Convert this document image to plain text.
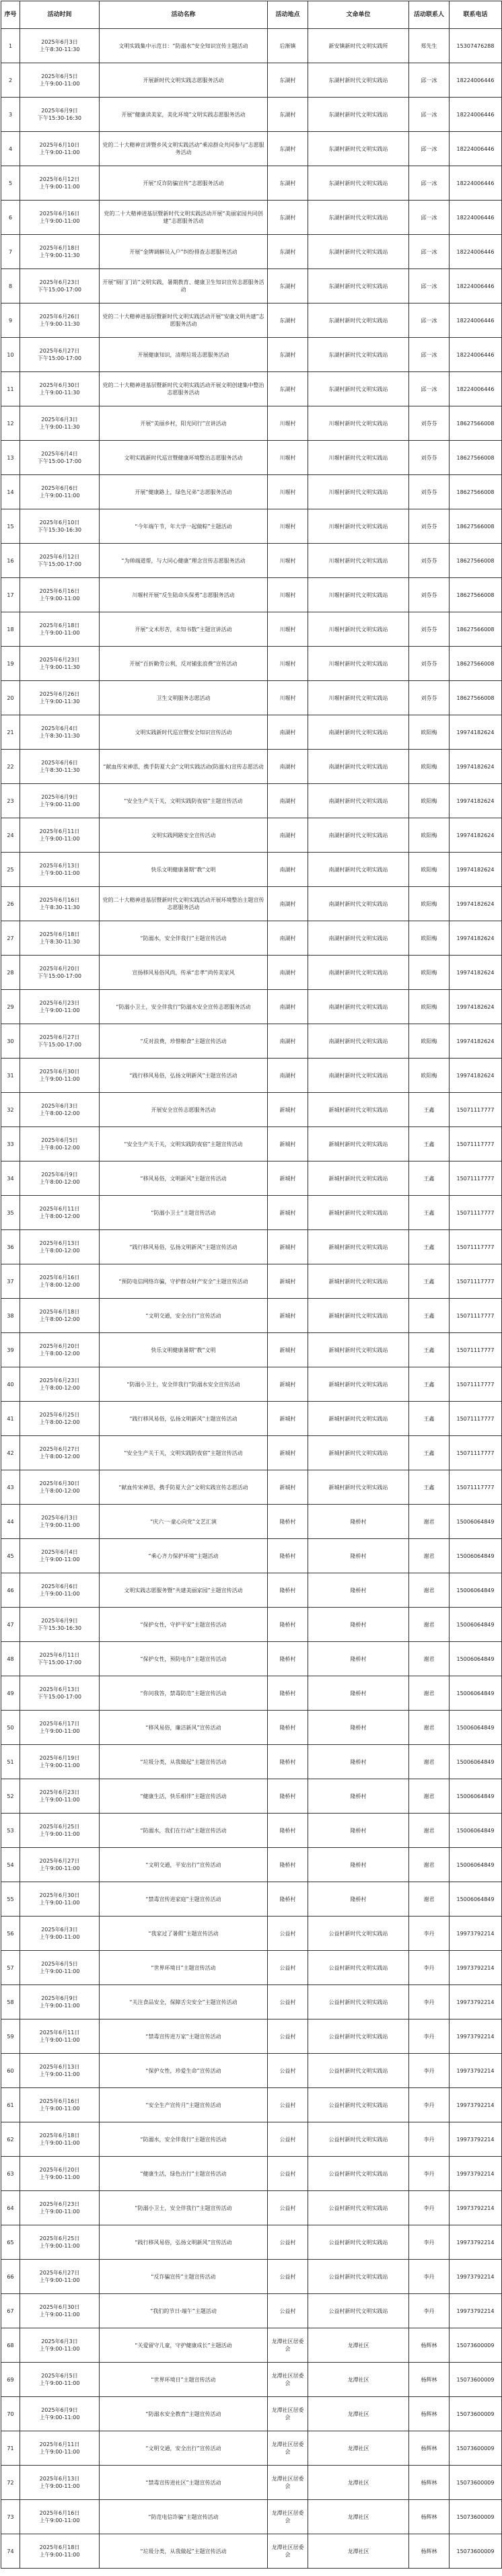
序号	活动时间	活动名称	活动地点	文命单位	活动联系人	联系电话
1	2025年6月3日
上午8:30-11:30	文明实践集中示范日：“防溺水”安全知识宣传主题活动	后渐镇	新安镇新时代文明实践所	郑先生	15307476288
2	2025年6月5日
上午9:00-11:00	开展新时代文明实践志愿服务活动	东湖村	东湖村新时代文明实践站	邱一冰	18224006446
3	2025年6月9日
下午15:30-16:30	开展“健康读美家，美化环境”文明实践志愿服务活动	东湖村	东湖村新时代文明实践站	邱一冰	18224006446
4	2025年6月10日
上午9:00-11:00	党的二十大精神宣讲暨乡风文明实践活动“乘凉群众共同参与”志愿服务活动	东湖村	东湖村新时代文明实践站	邱一冰	18224006446
5	2025年6月12日
上午9:00-11:00	开展“反诈防骗宣传”志愿服务活动	东湖村	东湖村新时代文明实践站	邱一冰	18224006446
6	2025年6月16日
上午9:00-11:00	党的二十大精神进基层暨新时代文明实践活动开展“美丽家园共同创建”志愿服务活动	东湖村	东湖村新时代文明实践站	邱一冰	18224006446
7	2025年6月18日
上午9:00-11:30	开展“金牌调解员入户”纠纷排查志愿服务活动	东湖村	东湖村新时代文明实践站	邱一冰	18224006446
8	2025年6月23日
下午15:00-17:00	开展“厕门门访”文明实践，暑期教育、健康卫生知识宣传志愿服务活动	东湖村	东湖村新时代文明实践站	邱一冰	18224006446
9	2025年6月26日
上午9:00-11:30	党的二十大精神进基层暨新时代文明实践活动开展“安康文明共建”志愿服务活动	东湖村	东湖村新时代文明实践站	邱一冰	18224006446
10	2025年6月27日
下午15:00-17:00	开展健康知识，清理垃圾志愿服务活动	东湖村	东湖村新时代文明实践站	邱一冰	18224006446
11	2025年6月30日
上午9:00-11:30	党的二十大精神进基层暨新时代文明实践活动开展文明创建集中整治志愿服务活动	东湖村	东湖村新时代文明实践站	邱一冰	18224006446
12	2025年6月3日
上午9:00-11:30	开展“美丽乡村，阳光同行”宣讲活动	川堰村	川堰村新时代文明实践站	刘芬芬	18627566008
13	2025年6月4日
下午15:00-17:00	文明实践新时代巡宣暨健康环境整治志愿服务活动	川堰村	川堰村新时代文明实践站	刘芬芬	18627566008
14	2025年6月6日
上午9:00-11:00	开展“健康路上，绿色兄弟”志愿服务活动	川堰村	川堰村新时代文明实践站	刘芬芬	18627566008
15	2025年6月10日
下午15:30-16:30	“今年端午节，年大学一起做粽”主题活动	川堰村	川堰村新时代文明实践站	刘芬芬	18627566008
16	2025年6月12日
下午15:00-17:00	“为帅端道帮，与大同心健康”理念宣传志愿服务活动	川堰村	川堰村新时代文明实践站	刘芬芬	18627566008
17	2025年6月16日
上午9:00-11:00	川堰村开展“反生陆命头保勇”志愿服务活动	川堰村	川堰村新时代文明实践站	刘芬芬	18627566008
18	2025年6月18日
上午9:00-11:00	开展“文术形苦，未知书数”主题宣讲活动	川堰村	川堰村新时代文明实践站	刘芬芬	18627566008
19	2025年6月23日
上午9:00-11:30	开展“百折勤劳公利，反对铺张浪费”宣传活动	川堰村	川堰村新时代文明实践站	刘芬芬	18627566008
20	2025年6月26日
上午9:00-11:30	卫生文明服务志愿活动	川堰村	川堰村新时代文明实践站	刘芬芬	18627566008
21	2025年6月4日
上午8:30-11:30	文明实践新时代巡宣暨安全知识宣传活动	南湖村	南湖村新时代文明实践站	欧阳梅	19974182624
22	2025年6月6日
上午8:30-11:30	“献血传宋神思，携手防夏大会”文明实践活动(防溺水)宣传志愿活动	南湖村	南湖村新时代文明实践站	欧阳梅	19974182624
23	2025年6月9日
上午9:00-11:00	“安全生产关于关，文明实践防夜宿”主题宣传活动	南湖村	南湖村新时代文明实践站	欧阳梅	19974182624
24	2025年6月11日
上午9:00-11:00	文明实践网路安全宣传活动	南湖村	南湖村新时代文明实践站	欧阳梅	19974182624
25	2025年6月13日
上午9:00-11:00	快乐文明健康暑期“教”文明	南湖村	南湖村新时代文明实践站	欧阳梅	19974182624
26	2025年6月16日
上午8:30-11:30	党的二十大精神进基层暨新时代文明实践活动开展环境整治主题宣传志愿服务活动	南湖村	南湖村新时代文明实践站	欧阳梅	19974182624
27	2025年6月18日
上午8:30-11:30	“防溺水，安全伴我行”主题宣传活动	南湖村	南湖村新时代文明实践站	欧阳梅	19974182624
28	2025年6月20日
下午15:00-17:00	宣扬移风易俗风尚，传承“忠孝”尚传美家风	南湖村	南湖村新时代文明实践站	欧阳梅	19974182624
29	2025年6月23日
上午9:00-11:00	“防溺小卫士，安全伴我行”防溺水安全宣传志愿服务活动	南湖村	南湖村新时代文明实践站	欧阳梅	19974182624
30	2025年6月27日
下午15:00-17:00	“反对浪费，珍惜粮食”主题宣传活动	南湖村	南湖村新时代文明实践站	欧阳梅	19974182624
31	2025年6月30日
上午9:00-11:00	“践行移风易俗，弘扬文明新风”主题宣传活动	南湖村	南湖村新时代文明实践站	欧阳梅	19974182624
32	2025年6月3日
上午8:00-12:00	开展安全宣传志愿服务活动	新城村	新城村新时代文明实践站	王鑫	15071117777
33	2025年6月5日
上午8:00-12:00	“安全生产关于关，文明实践防夜宿”主题宣传活动	新城村	新城村新时代文明实践站	王鑫	15071117777
34	2025年6月9日
上午8:00-12:00	“移风易俗，文明新风”主题宣传活动	新城村	新城村新时代文明实践站	王鑫	15071117777
35	2025年6月11日
上午8:00-12:00	“防溺小卫士”主题宣传活动	新城村	新城村新时代文明实践站	王鑫	15071117777
36	2025年6月13日
上午8:00-12:00	“践行移风易俗，弘扬文明新风”主题宣传活动	新城村	新城村新时代文明实践站	王鑫	15071117777
37	2025年6月16日
上午8:00-12:00	“预防电信网络诈骗，守护群众财产安全”主题宣传活动	新城村	新城村新时代文明实践站	王鑫	15071117777
38	2025年6月18日
上午8:00-12:00	“文明交通，安全出行”宣传活动	新城村	新城村新时代文明实践站	王鑫	15071117777
39	2025年6月20日
上午8:00-12:00	快乐文明健康暑期“教”文明	新城村	新城村新时代文明实践站	王鑫	15071117777
40	2025年6月23日
上午8:00-12:00	“防溺小卫士，安全伴我行”防溺水安全宣传活动	新城村	新城村新时代文明实践站	王鑫	15071117777
41	2025年6月25日
上午8:00-12:00	“践行移风易俗，弘扬文明新风”主题宣传活动	新城村	新城村新时代文明实践站	王鑫	15071117777
42	2025年6月27日
上午8:00-12:00	“安全生产关于关，文明实践防夜宿”主题宣传活动	新城村	新城村新时代文明实践站	王鑫	15071117777
43	2025年6月30日
上午8:00-12:00	“献血传宋神思，携手防夏大会”文明实践宣传志愿活动	新城村	新城村新时代文明实践站	王鑫	15071117777
44	2025年6月3日
上午9:00-11:00	“庆六一·童心向党”文艺汇演	隆桥村	隆桥村	谢君	15006064849
45	2025年6月4日
上午9:00-11:00	“乘心齐力保护环境”主题活动	隆桥村	隆桥村	谢君	15006064849
46	2025年6月6日
上午9:00-11:00	文明实践志愿服务暨“共建美丽家园”主题宣传活动	隆桥村	隆桥村	谢君	15006064849
47	2025年6月9日
下午15:30-16:30	“保护女性，守护平安”主题宣传活动	隆桥村	隆桥村	谢君	15006064849
48	2025年6月11日
下午15:00-17:00	“保护女性，预防电诈”主题宣传活动	隆桥村	隆桥村	谢君	15006064849
49	2025年6月13日
下午15:00-17:00	“你问我答，禁毒防范”主题宣传活动	隆桥村	隆桥村	谢君	15006064849
50	2025年6月17日
上午9:00-11:00	“移风易俗，廉洁新风”宣传活动	隆桥村	隆桥村	谢君	15006064849
51	2025年6月19日
上午9:00-11:00	“垃圾分类，从我做起”主题宣传活动	隆桥村	隆桥村	谢君	15006064849
52	2025年6月23日
上午9:00-11:00	“健康生活，快乐相伴”主题宣传活动	隆桥村	隆桥村	谢君	15006064849
53	2025年6月25日
上午9:00-11:00	“防溺水，我们在行动”主题宣传活动	隆桥村	隆桥村	谢君	15006064849
54	2025年6月27日
上午9:00-11:00	“文明交通，平安出行”宣传活动	隆桥村	隆桥村	谢君	15006064849
55	2025年6月30日
上午9:00-11:00	“禁毒宣传进家庭”主题宣传活动	隆桥村	隆桥村	谢君	15006064849
56	2025年6月3日
上午9:00-11:00	“我家过了暑假”主题宣传活动	公益村	公益村新时代文明实践站	李丹	19973792214
57	2025年6月5日
上午9:00-11:00	“世界环境日”主题宣传活动	公益村	公益村新时代文明实践站	李丹	19973792214
58	2025年6月9日
上午9:00-11:00	“关注食品安全，保障舌尖安全”主题宣传活动	公益村	公益村新时代文明实践站	李丹	19973792214
59	2025年6月11日
上午9:00-11:00	“禁毒宣传进万家”主题宣传活动	公益村	公益村新时代文明实践站	李丹	19973792214
60	2025年6月13日
上午9:00-11:00	“保护女性，珍爱生命”宣传活动	公益村	公益村新时代文明实践站	李丹	19973792214
61	2025年6月16日
上午9:00-11:00	“安全生产宣传月”主题宣传活动	公益村	公益村新时代文明实践站	李丹	19973792214
62	2025年6月18日
上午9:00-11:00	“防溺水，安全伴我行”主题宣传活动	公益村	公益村新时代文明实践站	李丹	19973792214
63	2025年6月20日
上午9:00-11:00	“健康生活，绿色出行”主题宣传活动	公益村	公益村新时代文明实践站	李丹	19973792214
64	2025年6月23日
上午9:00-11:00	“防溺小卫士，安全伴我行”主题宣传活动	公益村	公益村新时代文明实践站	李丹	19973792214
65	2025年6月25日
上午9:00-11:00	“践行移风易俗，弘扬文明新风”宣传活动	公益村	公益村新时代文明实践站	李丹	19973792214
66	2025年6月27日
上午9:00-11:00	“反诈骗宣传”主题宣传活动	公益村	公益村新时代文明实践站	李丹	19973792214
67	2025年6月30日
上午9:00-11:00	“我们的节日·端午”主题活动	公益村	公益村新时代文明实践站	李丹	19973792214
68	2025年6月3日
上午9:00-11:00	“关爱留守儿童，守护健康成长”主题活动	龙潭社区居委会	龙潭社区	杨辉林	15073600009
69	2025年6月5日
上午9:00-11:00	“世界环境日”主题宣传活动	龙潭社区居委会	龙潭社区	杨辉林	15073600009
70	2025年6月9日
上午9:00-11:00	“防溺水安全教育”主题宣传活动	龙潭社区居委会	龙潭社区	杨辉林	15073600009
71	2025年6月11日
上午9:00-11:00	“文明交通，安全出行”宣传活动	龙潭社区居委会	龙潭社区	杨辉林	15073600009
72	2025年6月13日
上午9:00-11:00	“禁毒宣传进社区”主题宣传活动	龙潭社区居委会	龙潭社区	杨辉林	15073600009
73	2025年6月16日
上午9:00-11:00	“防范电信诈骗”主题宣传活动	龙潭社区居委会	龙潭社区	杨辉林	15073600009
74	2025年6月18日
上午9:00-11:00	“垃圾分类，从我做起”主题宣传活动	龙潭社区居委会	龙潭社区	杨辉林	15073600009
